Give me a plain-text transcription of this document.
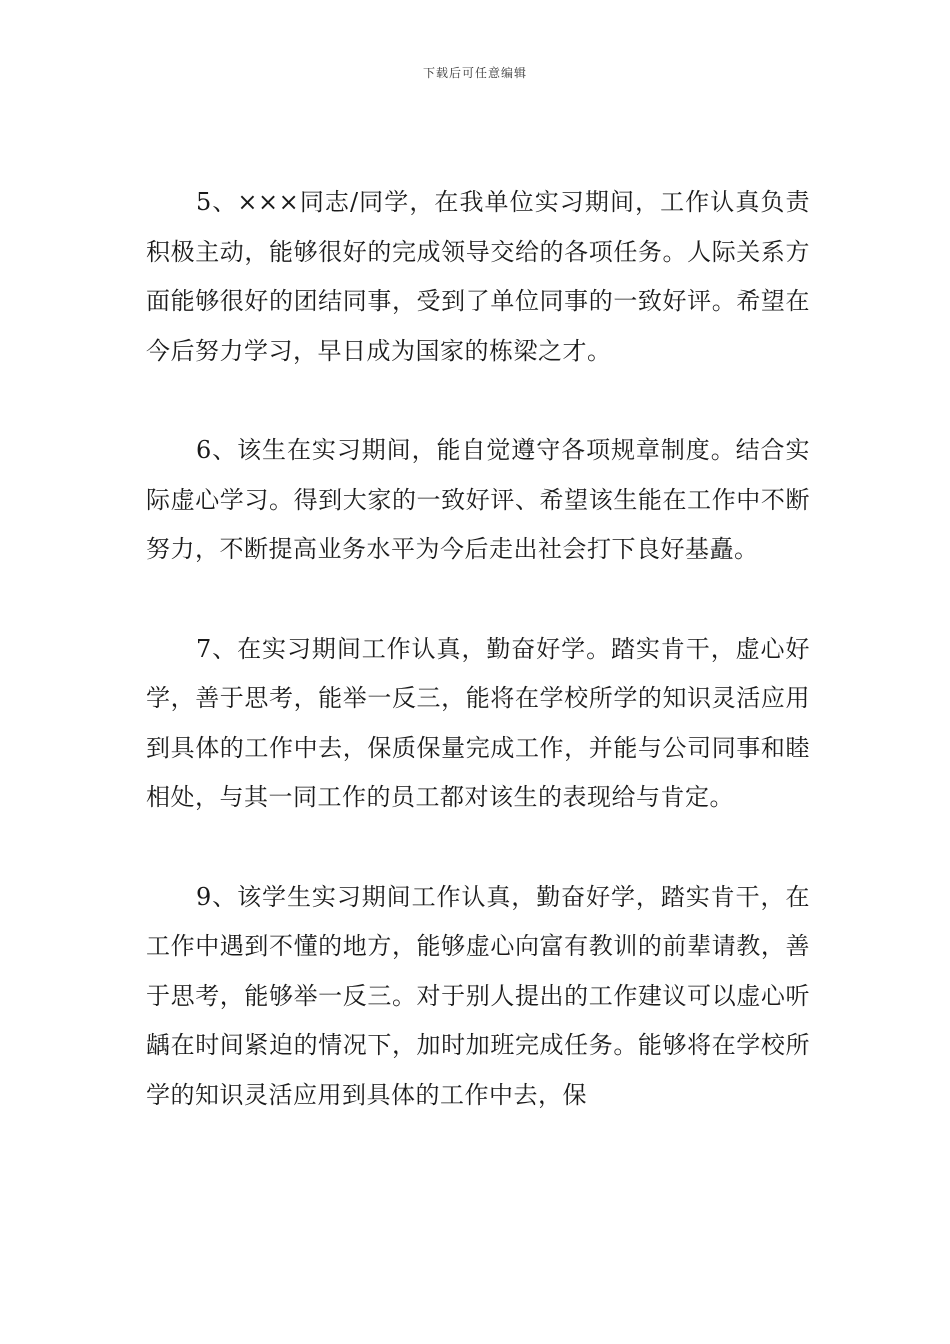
下载后可任意编辑

5、×××同志/同学，在我单位实习期间，工作认真负责积极主动，能够很好的完成领导交给的各项任务。人际关系方面能够很好的团结同事，受到了单位同事的一致好评。希望在今后努力学习，早日成为国家的栋梁之才。

6、该生在实习期间，能自觉遵守各项规章制度。结合实际虚心学习。得到大家的一致好评、希望该生能在工作中不断努力，不断提高业务水平为今后走出社会打下良好基矗。

7、在实习期间工作认真，勤奋好学。踏实肯干，虚心好学，善于思考，能举一反三，能将在学校所学的知识灵活应用到具体的工作中去，保质保量完成工作，并能与公司同事和睦相处，与其一同工作的员工都对该生的表现给与肯定。

9、该学生实习期间工作认真，勤奋好学，踏实肯干，在工作中遇到不懂的地方，能够虚心向富有教训的前辈请教，善于思考，能够举一反三。对于别人提出的工作建议可以虚心听龋在时间紧迫的情况下，加时加班完成任务。能够将在学校所学的知识灵活应用到具体的工作中去，保
